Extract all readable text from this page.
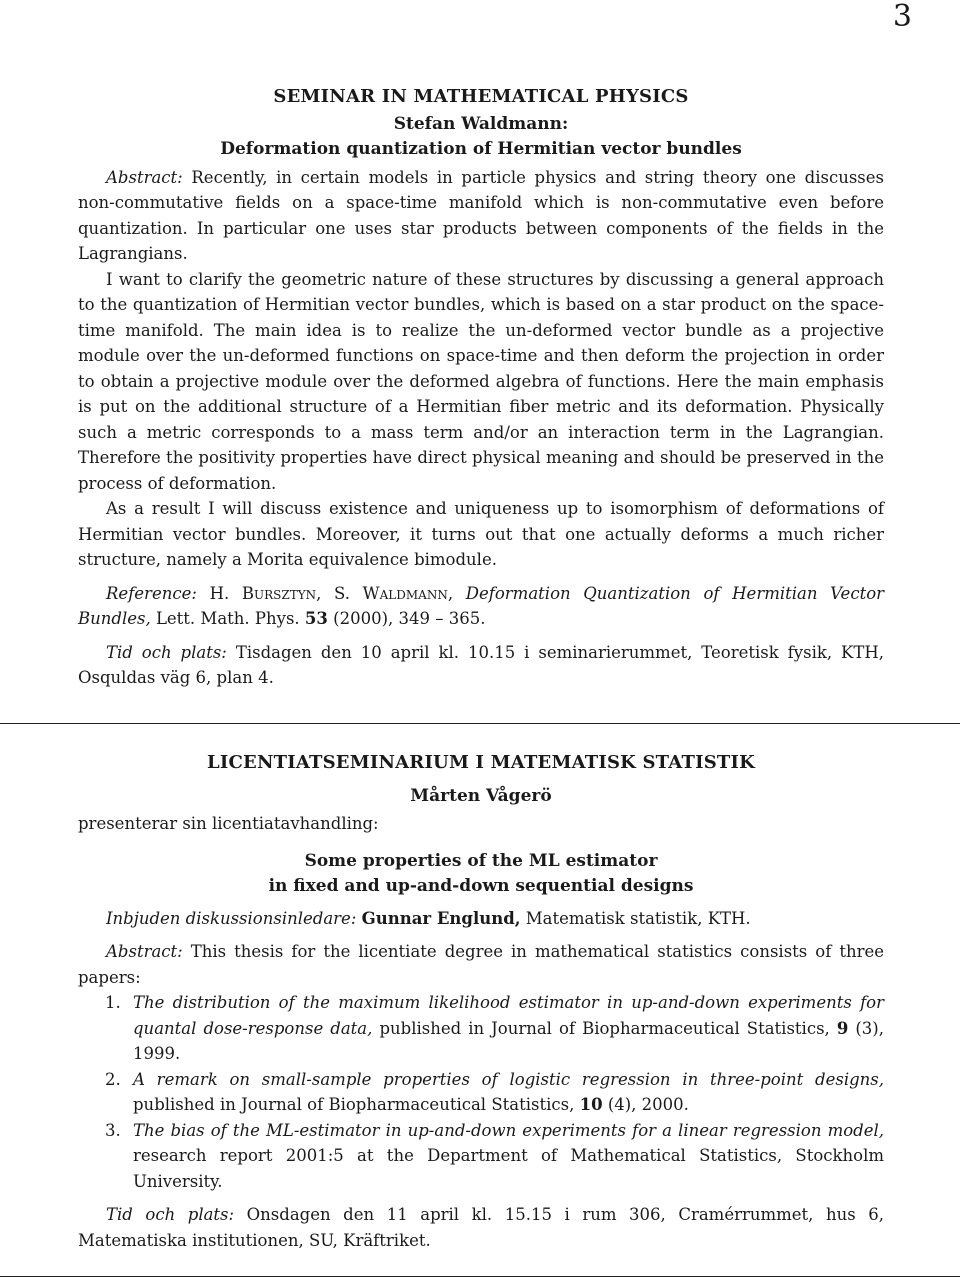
3
SEMINAR IN MATHEMATICAL PHYSICS
Stefan Waldmann:
Deformation quantization of Hermitian vector bundles

Abstract: Recently, in certain models in particle physics and string theory one discusses non-commutative fields on a space-time manifold which is non-commutative even before quantization. In particular one uses star products between components of the fields in the Lagrangians.

I want to clarify the geometric nature of these structures by discussing a general approach to the quantization of Hermitian vector bundles, which is based on a star product on the space-time manifold. The main idea is to realize the un-deformed vector bundle as a projective module over the un-deformed functions on space-time and then deform the projection in order to obtain a projective module over the deformed algebra of functions. Here the main emphasis is put on the additional structure of a Hermitian fiber metric and its deformation. Physically such a metric corresponds to a mass term and/or an interaction term in the Lagrangian. Therefore the positivity properties have direct physical meaning and should be preserved in the process of deformation.

As a result I will discuss existence and uniqueness up to isomorphism of deformations of Hermitian vector bundles. Moreover, it turns out that one actually deforms a much richer structure, namely a Morita equivalence bimodule.

Reference: H. Bursztyn, S. Waldmann, Deformation Quantization of Hermitian Vector Bundles, Lett. Math. Phys. 53 (2000), 349 – 365.

Tid och plats: Tisdagen den 10 april kl. 10.15 i seminarierummet, Teoretisk fysik, KTH, Osquldas väg 6, plan 4.

LICENTIATSEMINARIUM I MATEMATISK STATISTIK
Mårten Vågerö
presenterar sin licentiatavhandling:
Some properties of the ML estimator
in fixed and up-and-down sequential designs

Inbjuden diskussionsinledare: Gunnar Englund, Matematisk statistik, KTH.

Abstract: This thesis for the licentiate degree in mathematical statistics consists of three papers:

1. The distribution of the maximum likelihood estimator in up-and-down experiments for quantal dose-response data, published in Journal of Biopharmaceutical Statistics, 9 (3), 1999.
2. A remark on small-sample properties of logistic regression in three-point designs, published in Journal of Biopharmaceutical Statistics, 10 (4), 2000.
3. The bias of the ML-estimator in up-and-down experiments for a linear regression model, research report 2001:5 at the Department of Mathematical Statistics, Stockholm University.

Tid och plats: Onsdagen den 11 april kl. 15.15 i rum 306, Cramérrummet, hus 6, Matematiska institutionen, SU, Kräftriket.
